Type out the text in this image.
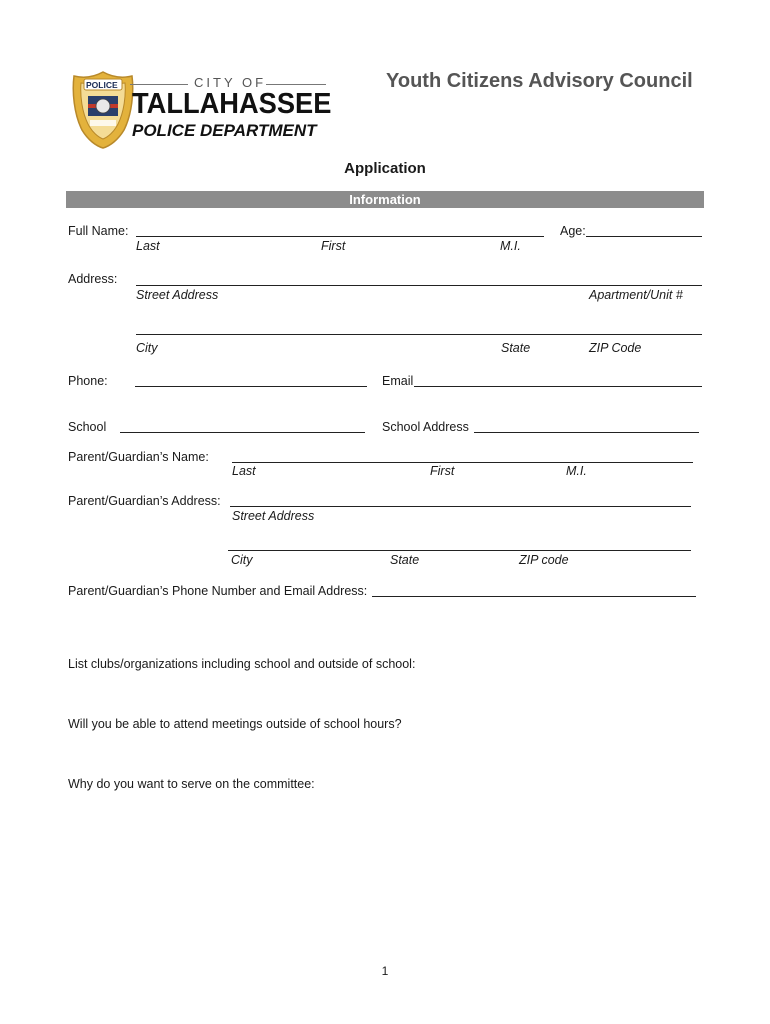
POLICE	CITY OF
TALLAHASSEE
POLICE DEPARTMENT
Youth Citizens Advisory Council
Application
Information
Full Name:
Last	First	M.I.
Age:
Address:
Street Address	Apartment/Unit #
City	State	ZIP Code
Phone:	Email
School	School Address
Parent/Guardian’s Name:
Last	First	M.I.
Parent/Guardian’s Address:
Street Address
City	State	ZIP code
Parent/Guardian’s Phone Number and Email Address:
List clubs/organizations including school and outside of school:
Will you be able to attend meetings outside of school hours?
Why do you want to serve on the committee:
1
